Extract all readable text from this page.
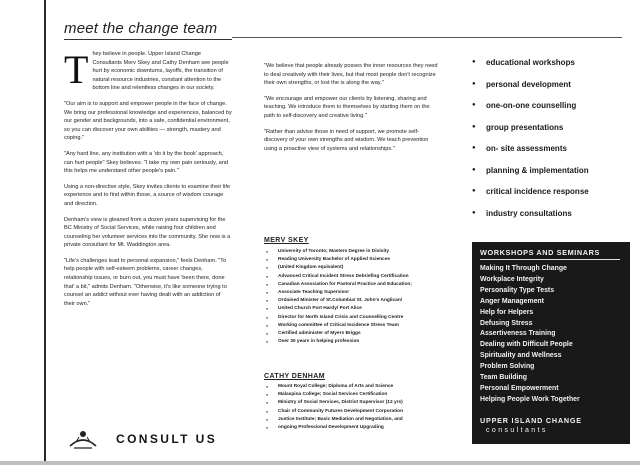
meet the change team

They believe in people. Upper Island Change Consultants Merv Skey and Cathy Denham see people hurt by economic downturns, layoffs, the transition of natural resource industries, constant attention to the bottom line and relentless changes in our society.

"Our aim is to support and empower people in the face of change. We bring our professional knowledge and experiences, balanced by our gender and backgrounds, into a safe, confidential environment, so you can discover your own abilities — strength, mastery and coping."

"Any hard line, any institution with a 'do it by the book' approach, can hurt people" Skey believes. "I take my own pain seriously, and this helps me understand other people's pain."

Using a non-directive style, Skey invites clients to examine their life experience and to find within those, a source of wisdom courage and direction.

Denham's view is gleaned from a dozen years supervising for the BC Ministry of Social Services, while raising four children and counseling her volunteer services into the community. She now is a private consultant for Mt. Waddington area.

"Life's challenges lead to personal expansion," feels Denham. "To help people with self-esteem problems, career changes, relationship issues, or burn out, you must have 'been there, done that' a bit," admits Denham. "Otherwise, it's like someone trying to counsel an addict without ever having dealt with an addiction of their own."

"We believe that people already posses the inner resources they need to deal creatively with their lives, but that most people don't recognize their own strengths, or lost the is along the way."

"We encourage and empower our clients by listening, sharing and teaching. We introduce them to themselves by starting them on the path to self-discovery and creative living."

"Rather than advise those in need of support, we promote self-discovery of your own strengths and wisdom. We teach prevention using a proactive view of systems and relationships."

MERV SKEY
● University of Toronto; Masters Degree in Divinity
● Reading University Bachelor of Applied Sciences
● (United Kingdom equivalent)
● Advanced Critical Incident Stress Debriefing Certification
● Canadian Association for Pastoral Practice and Education;
● Associate Teaching Supervisor
● Ordained Minister of St.Columbia/ St. John's Anglican/
● United Church Port Hardy/ Port Alice
● Director for North Island Crisis and Counselling Centre
● Working committee of Critical Incidence Stress Team
● Certified administer of Myers Briggs
● Over 30 years in helping profession
CATHY DENHAM
● Mount Royal College; Diploma of Arts and Science
● Malaspina College; Social Services Certification
● Ministry of Social Services, District Supervisor (12 yrs)
● Chair of Community Futures Development Corporation
● Justice Institute; Basic Mediation and Negotiation, and
● ongoing Professional Development Upgrading
● educational workshops
● personal development
● one-on-one counselling
● group presentations
● on- site assessments
● planning & implementation
● critical incidence response
● industry consultations
WORKSHOPS AND SEMINARS
Making It Through Change
Workplace Integrity
Personality Type Tests
Anger Management
Help for Helpers
Defusing Stress
Assertiveness Training
Dealing with Difficult People
Spirituality and Wellness
Problem Solving
Team Building
Personal Empowerment
Helping People Work Together
UPPER ISLAND CHANGE
consultants
CONSULT US
